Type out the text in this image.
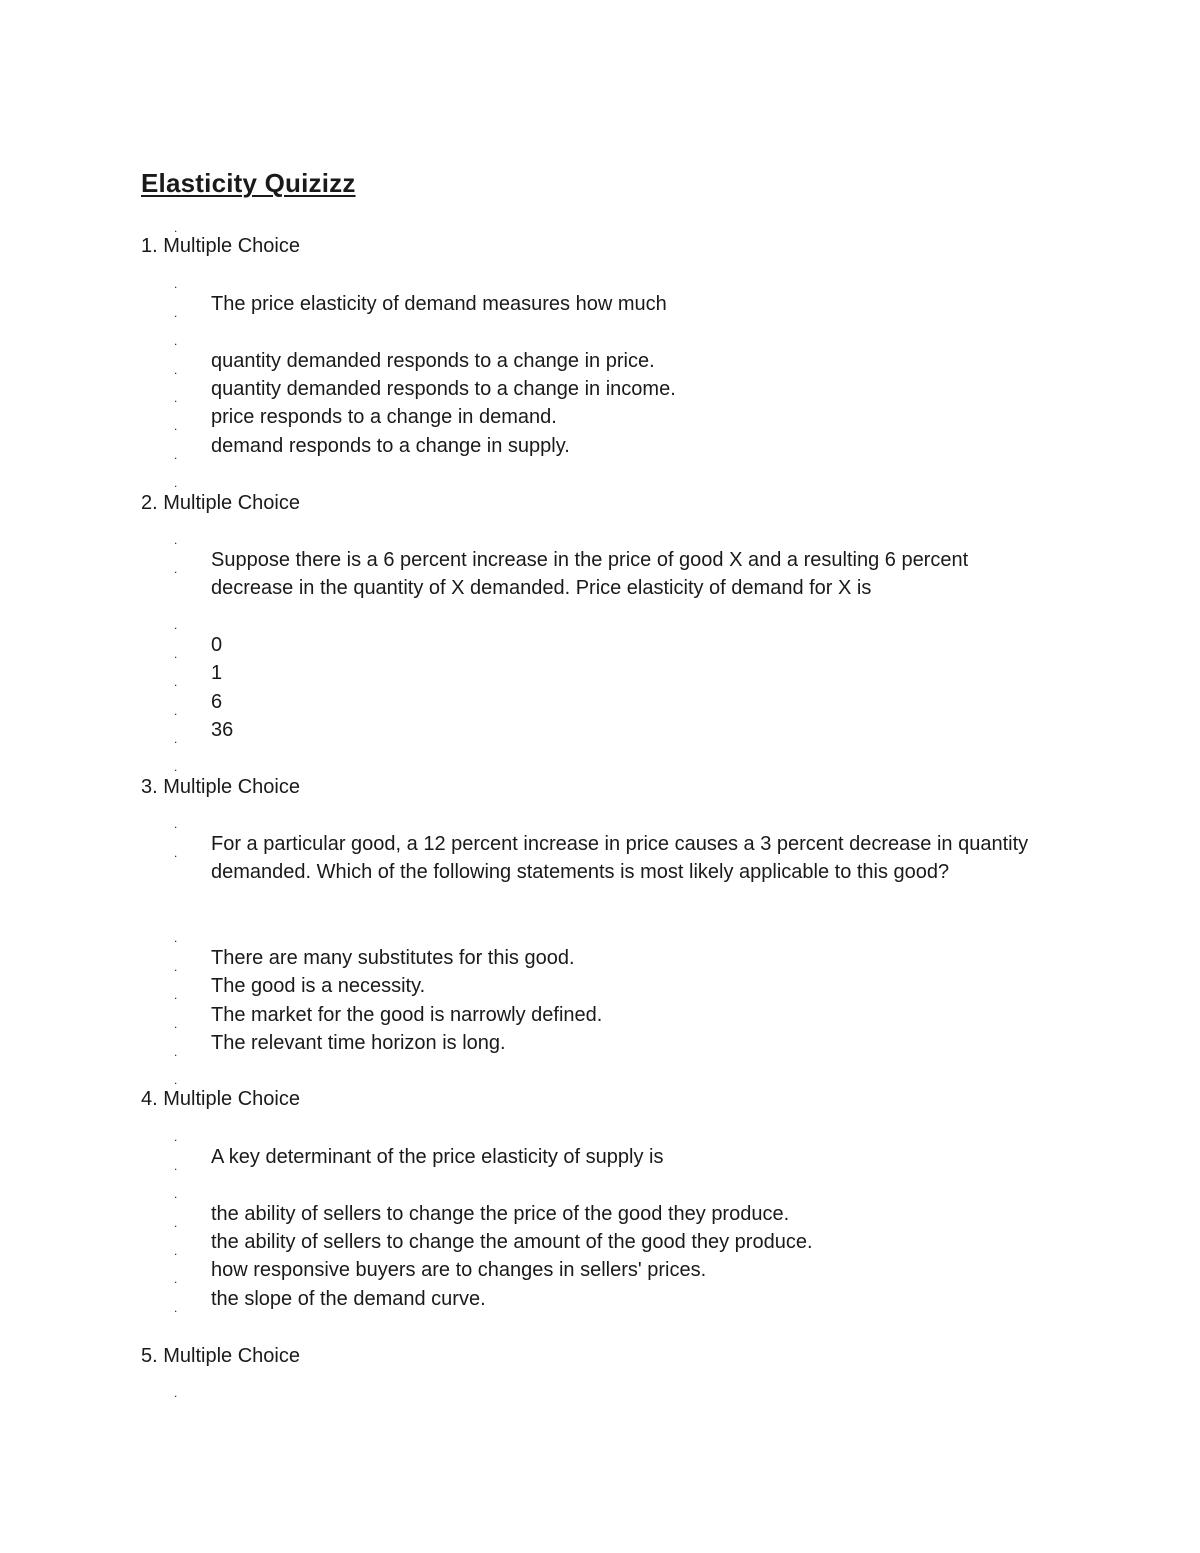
Elasticity Quizizz
.
1. Multiple Choice
.
. The price elasticity of demand measures how much
.
. quantity demanded responds to a change in price.
. quantity demanded responds to a change in income.
. price responds to a change in demand.
. demand responds to a change in supply.
.
2. Multiple Choice
.
. Suppose there is a 6 percent increase in the price of good X and a resulting 6 percent decrease in the quantity of X demanded. Price elasticity of demand for X is
.
. 0
. 1
. 6
. 36
.
3. Multiple Choice
.
. For a particular good, a 12 percent increase in price causes a 3 percent decrease in quantity demanded. Which of the following statements is most likely applicable to this good?
.
. There are many substitutes for this good.
. The good is a necessity.
. The market for the good is narrowly defined.
. The relevant time horizon is long.
.
4. Multiple Choice
.
. A key determinant of the price elasticity of supply is
.
. the ability of sellers to change the price of the good they produce.
. the ability of sellers to change the amount of the good they produce.
. how responsive buyers are to changes in sellers' prices.
. the slope of the demand curve.
5. Multiple Choice
.
